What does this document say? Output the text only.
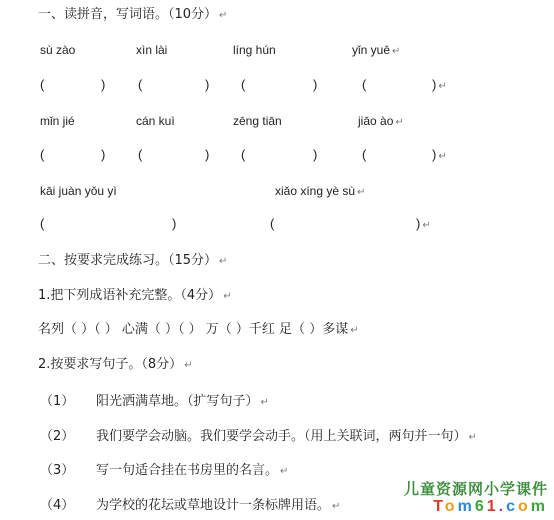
一、读拼音，写词语。（10分） ↵
sù zào	xìn lài	líng hún	yǐn yuē ↵
(	)	(	) (	)	(	) ↵
mǐn jié	cán kuì	zēng tiān	jiāo ào ↵
(	)	(	) (	)	(	) ↵
kāi juàn yǒu yì	xiǎo xíng yè sù ↵
(	)	(	) ↵
二、按要求完成练习。（15分） ↵
1.把下列成语补充完整。（4分） ↵
名列（ ）（ ） 心满（ ）（ ） 万（ ）千红 足（ ）多谋 ↵
2.按要求写句子。（8分） ↵
（1） 阳光洒满草地。（扩写句子） ↵
（2） 我们要学会动脑。我们要学会动手。（用上关联词，两句并一句） ↵
（3） 写一句适合挂在书房里的名言。 ↵
（4） 为学校的花坛或草地设计一条标牌用语。 ↵
儿童资源网小学课件
Tom61.com
